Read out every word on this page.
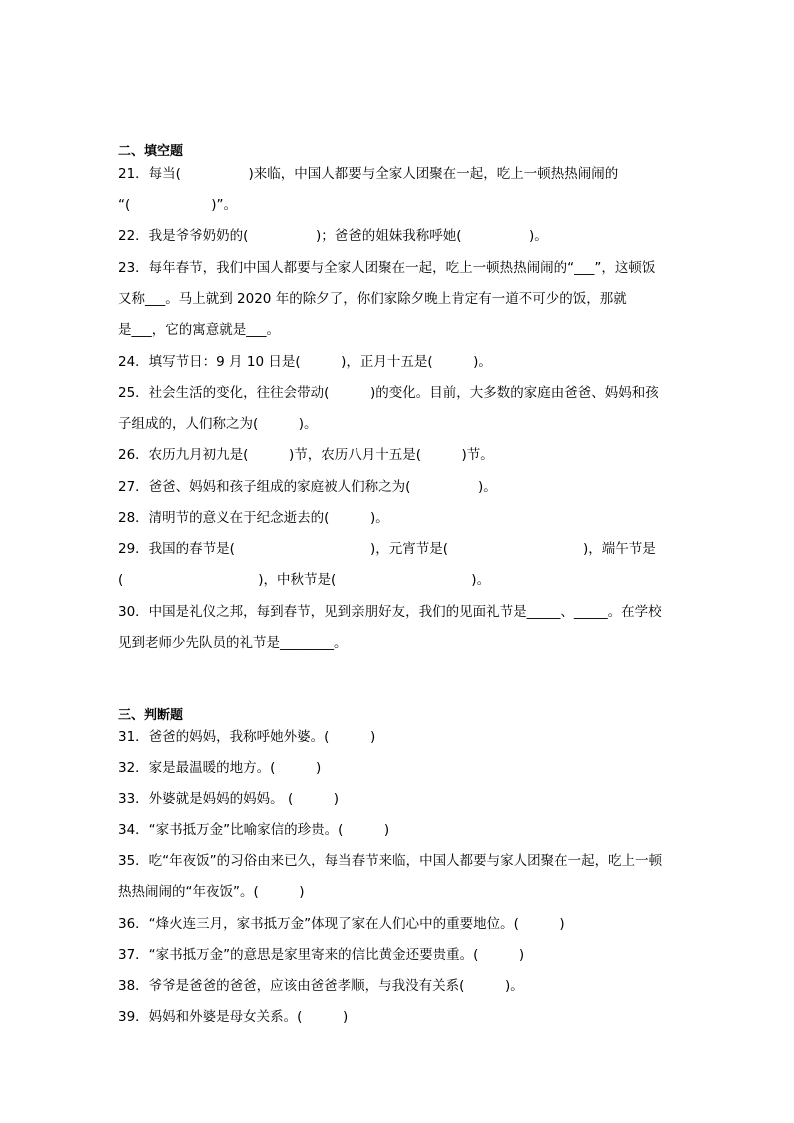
二、填空题
21．每当(　　　　　)来临，中国人都要与全家人团聚在一起，吃上一顿热热闹闹的
“(　　　　　　)”。
22．我是爷爷奶奶的(　　　　　)；爸爸的姐妹我称呼她(　　　　　)。
23．每年春节，我们中国人都要与全家人团聚在一起，吃上一顿热热闹闹的“___”，这顿饭
又称___。马上就到 2020 年的除夕了，你们家除夕晚上肯定有一道不可少的饭，那就
是___，它的寓意就是___。
24．填写节日：9 月 10 日是(　　　)，正月十五是(　　　)。
25．社会生活的变化，往往会带动(　　　)的变化。目前，大多数的家庭由爸爸、妈妈和孩
子组成的，人们称之为(　　　)。
26．农历九月初九是(　　　)节，农历八月十五是(　　　)节。
27．爸爸、妈妈和孩子组成的家庭被人们称之为(　　　　　)。
28．清明节的意义在于纪念逝去的(　　　)。
29．我国的春节是(　　　　　　　　　　)，元宵节是(　　　　　　　　　　)，端午节是
(　　　　　　　　　　)，中秋节是(　　　　　　　　　　)。
30．中国是礼仪之邦，每到春节，见到亲朋好友，我们的见面礼节是_____、_____。在学校
见到老师少先队员的礼节是________。
三、判断题
31．爸爸的妈妈，我称呼她外婆。(　　　)
32．家是最温暖的地方。(　　　)
33．外婆就是妈妈的妈妈。 (　　　)
34．“家书抵万金”比喻家信的珍贵。(　　　)
35．吃“年夜饭”的习俗由来已久，每当春节来临，中国人都要与家人团聚在一起，吃上一顿
热热闹闹的“年夜饭”。(　　　)
36．“烽火连三月，家书抵万金”体现了家在人们心中的重要地位。(　　　)
37．“家书抵万金”的意思是家里寄来的信比黄金还要贵重。(　　　)
38．爷爷是爸爸的爸爸，应该由爸爸孝顺，与我没有关系(　　　)。
39．妈妈和外婆是母女关系。(　　　)
